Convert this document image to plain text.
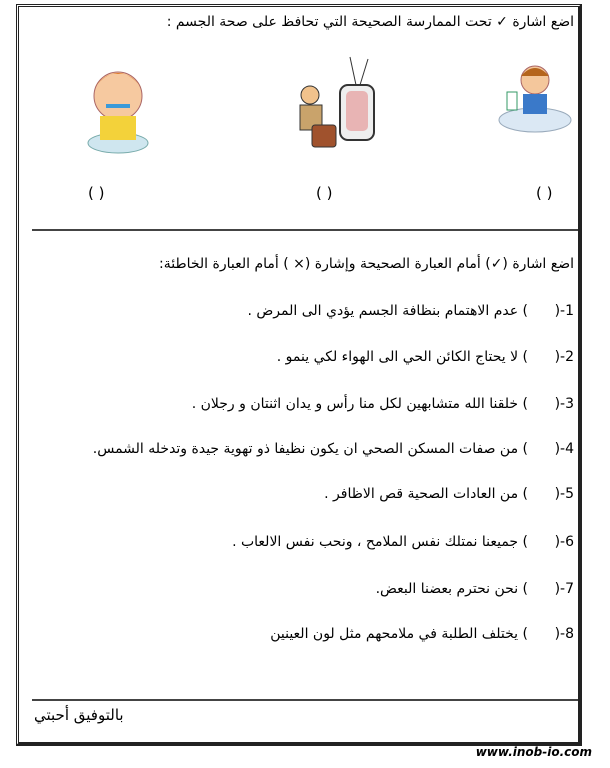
اضع اشارة ✓ تحت الممارسة الصحيحة التي تحافظ على صحة الجسم :
( )	( )	( )
اضع اشارة (✓) أمام العبارة الصحيحة وإشارة (× ) أمام العبارة الخاطئة:
1-() عدم الاهتمام بنظافة الجسم يؤدي الى المرض .
2-() لا يحتاج الكائن الحي الى الهواء لكي ينمو .
3-() خلقنا الله متشابهين لكل منا رأس و يدان اثنتان و رجلان .
4-() من صفات المسكن الصحي ان يكون نظيفا ذو تهوية جيدة وتدخله الشمس.
5-() من العادات الصحية قص الاظافر .
6-() جميعنا نمتلك نفس الملامح ، ونحب نفس الالعاب .
7-() نحن نحترم بعضنا البعض.
8-() يختلف الطلبة في ملامحهم مثل لون العينين
بالتوفيق أحبتي
www.inob-io.com
